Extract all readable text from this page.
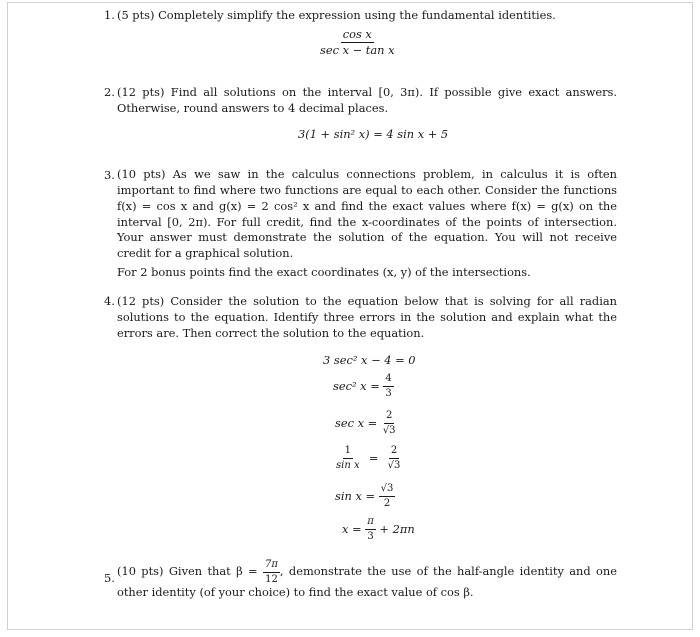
1. (5 pts) Completely simplify the expression using the fundamental identities.
cos x
sec x − tan x
2. (12 pts) Find all solutions on the interval [0, 3π). If possible give exact answers. Otherwise, round answers to 4 decimal places.
3(1 + sin² x) = 4 sin x + 5
3. (10 pts) As we saw in the calculus connections problem, in calculus it is often important to find where two functions are equal to each other. Consider the functions f(x) = cos x and g(x) = 2 cos² x and find the exact values where f(x) = g(x) on the interval [0, 2π). For full credit, find the x-coordinates of the points of intersection. Your answer must demonstrate the solution of the equation. You will not receive credit for a graphical solution.
For 2 bonus points find the exact coordinates (x, y) of the intersections.
4. (12 pts) Consider the solution to the equation below that is solving for all radian solutions to the equation. Identify three errors in the solution and explain what the errors are. Then correct the solution to the equation.
3 sec² x − 4 = 0
sec² $x = \frac{4}{3}$
$\sec x = \frac{2}{√3}$
$\frac{1}{\text{sin x}} = \frac{2}{√3}$
$\sin x = \frac{√3}{2}$
$x = \frac{\pi}{3} + 2\pi n$
5. (10 pts) Given that $\beta = \frac{7\pi}{12}$ , demonstrate the use of the half-angle identity and one other identity (of your choice) to find the exact value of cos β.
